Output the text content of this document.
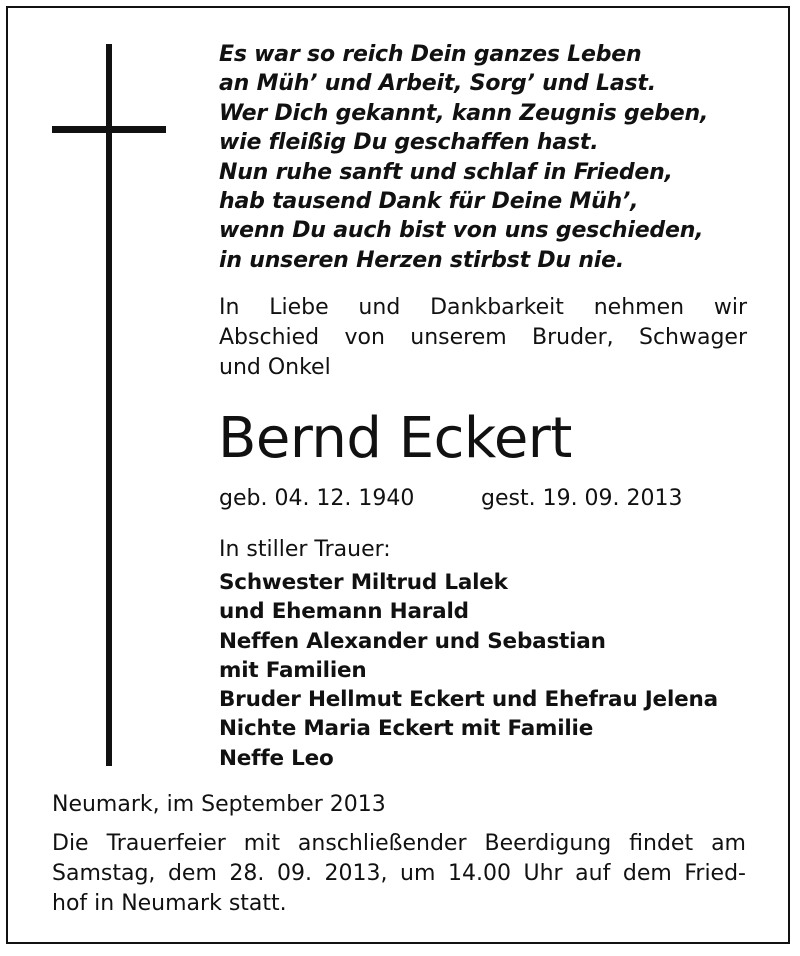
Es war so reich Dein ganzes Leben
an Müh’ und Arbeit, Sorg’ und Last.
Wer Dich gekannt, kann Zeugnis geben,
wie fleißig Du geschaffen hast.
Nun ruhe sanft und schlaf in Frieden,
hab tausend Dank für Deine Müh’,
wenn Du auch bist von uns geschieden,
in unseren Herzen stirbst Du nie.
In Liebe und Dankbarkeit nehmen wir
Abschied von unserem Bruder, Schwager
und Onkel
Bernd Eckert
geb. 04. 12. 1940	gest. 19. 09. 2013
In stiller Trauer:
Schwester Miltrud Lalek
und Ehemann Harald
Neffen Alexander und Sebastian
mit Familien
Bruder Hellmut Eckert und Ehefrau Jelena
Nichte Maria Eckert mit Familie
Neffe Leo
Neumark, im September 2013
Die Trauerfeier mit anschließender Beerdigung findet am
Samstag, dem 28. 09. 2013, um 14.00 Uhr auf dem Fried-
hof in Neumark statt.
